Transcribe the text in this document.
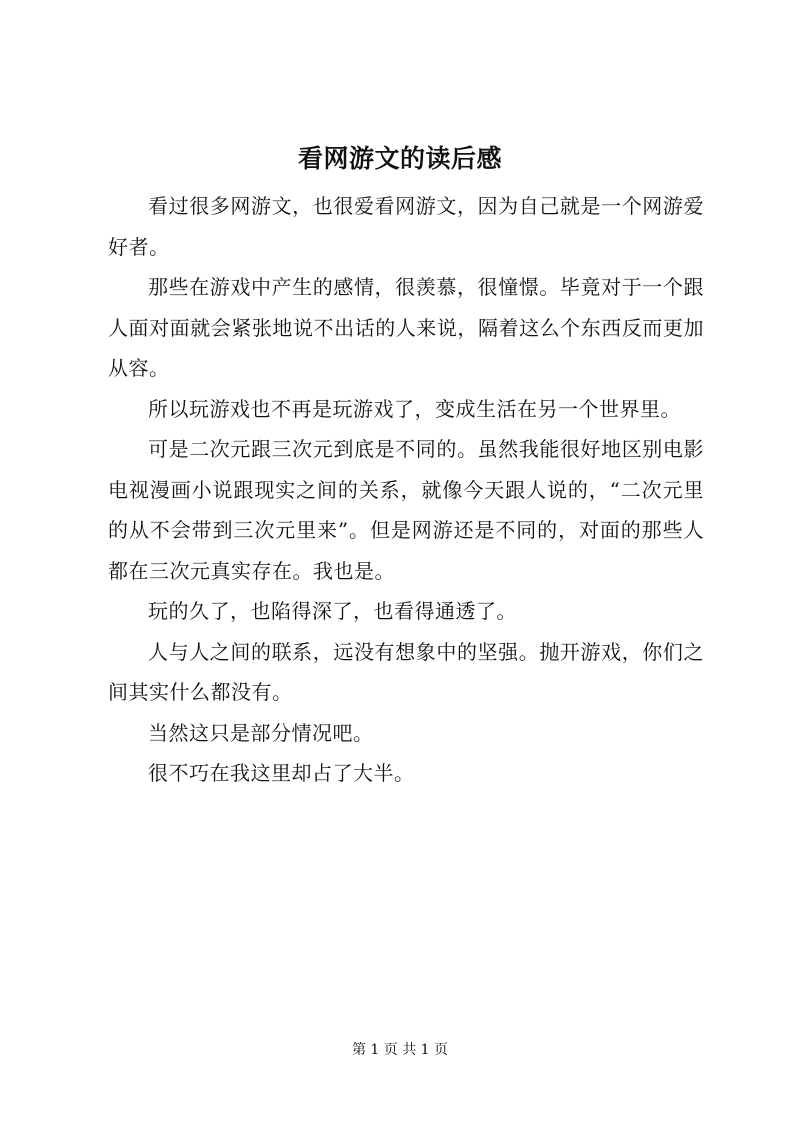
看网游文的读后感

看过很多网游文，也很爱看网游文，因为自己就是一个网游爱好者。

那些在游戏中产生的感情，很羡慕，很憧憬。毕竟对于一个跟人面对面就会紧张地说不出话的人来说，隔着这么个东西反而更加从容。

所以玩游戏也不再是玩游戏了，变成生活在另一个世界里。

可是二次元跟三次元到底是不同的。虽然我能很好地区别电影电视漫画小说跟现实之间的关系，就像今天跟人说的，“二次元里的从不会带到三次元里来”。但是网游还是不同的，对面的那些人都在三次元真实存在。我也是。

玩的久了，也陷得深了，也看得通透了。

人与人之间的联系，远没有想象中的坚强。抛开游戏，你们之间其实什么都没有。

当然这只是部分情况吧。

很不巧在我这里却占了大半。

第 1 页 共 1 页
